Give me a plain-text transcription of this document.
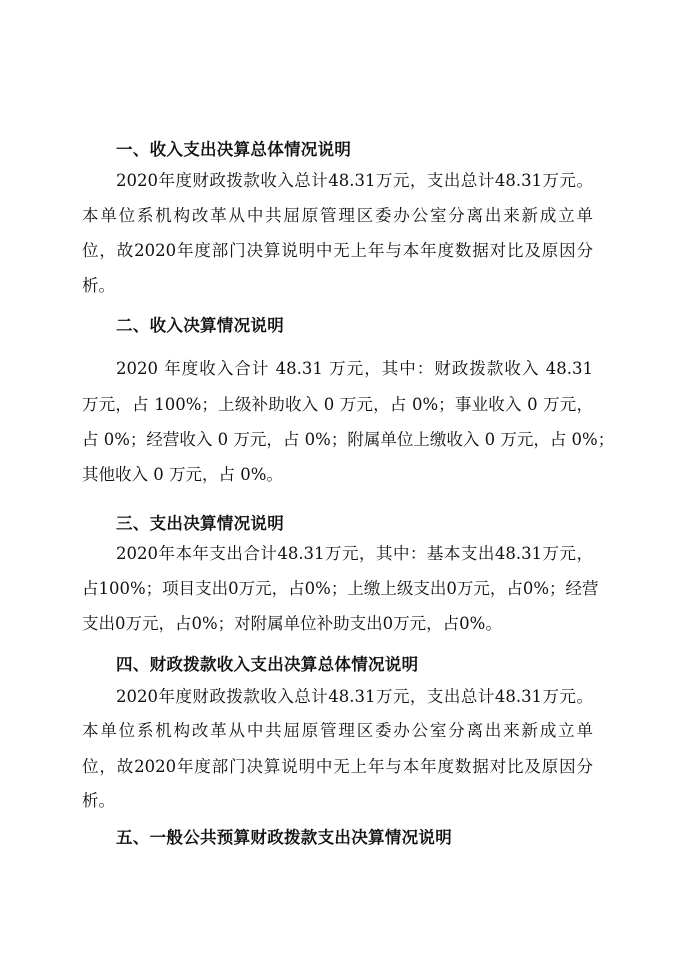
一、收入支出决算总体情况说明
2020年度财政拨款收入总计48.31万元，支出总计48.31万元。
本单位系机构改革从中共屈原管理区委办公室分离出来新成立单
位，故2020年度部门决算说明中无上年与本年度数据对比及原因分
析。
二、收入决算情况说明
2020 年度收入合计 48.31 万元，其中：财政拨款收入 48.31
万元，占 100%；上级补助收入 0 万元，占 0%；事业收入 0 万元，
占 0%；经营收入 0 万元，占 0%；附属单位上缴收入 0 万元，占 0%；
其他收入 0 万元，占 0%。
三、支出决算情况说明
2020年本年支出合计48.31万元，其中：基本支出48.31万元，
占100%；项目支出0万元，占0%；上缴上级支出0万元，占0%；经营
支出0万元，占0%；对附属单位补助支出0万元，占0%。
四、财政拨款收入支出决算总体情况说明
2020年度财政拨款收入总计48.31万元，支出总计48.31万元。
本单位系机构改革从中共屈原管理区委办公室分离出来新成立单
位，故2020年度部门决算说明中无上年与本年度数据对比及原因分
析。
五、一般公共预算财政拨款支出决算情况说明
